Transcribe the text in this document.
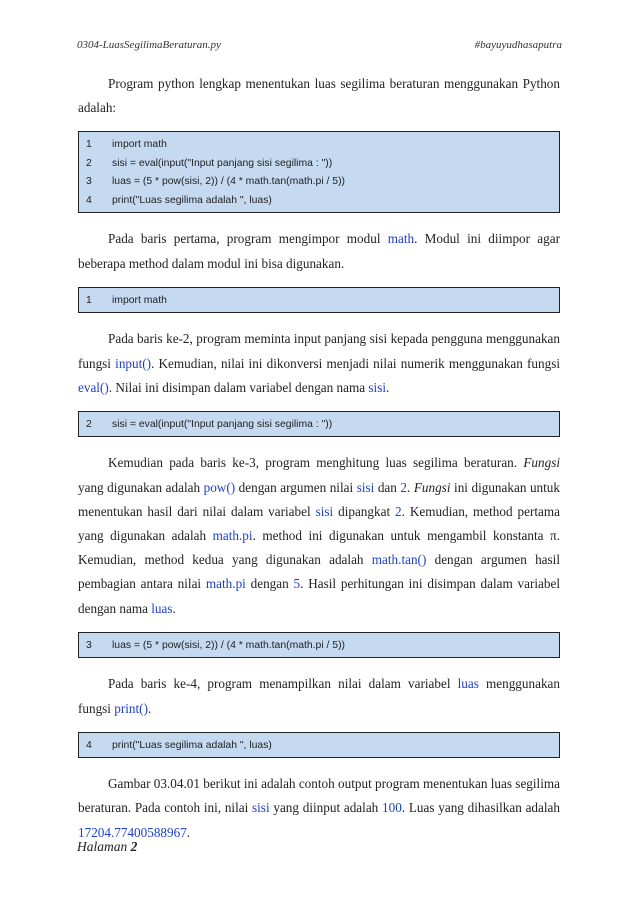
0304-LuasSegilimaBeraturan.py	#bayuyudhasaputra

Program python lengkap menentukan luas segilima beraturan menggunakan Python adalah:

1	import math
2	sisi = eval(input("Input panjang sisi segilima : "))
3	luas = (5 * pow(sisi, 2)) / (4 * math.tan(math.pi / 5))
4	print("Luas segilima adalah ", luas)

Pada baris pertama, program mengimpor modul math. Modul ini diimpor agar beberapa method dalam modul ini bisa digunakan.

1	import math

Pada baris ke-2, program meminta input panjang sisi kepada pengguna menggunakan fungsi input(). Kemudian, nilai ini dikonversi menjadi nilai numerik menggunakan fungsi eval(). Nilai ini disimpan dalam variabel dengan nama sisi.

2	sisi = eval(input("Input panjang sisi segilima : "))

Kemudian pada baris ke-3, program menghitung luas segilima beraturan. Fungsi yang digunakan adalah pow() dengan argumen nilai sisi dan 2. Fungsi ini digunakan untuk menentukan hasil dari nilai dalam variabel sisi dipangkat 2. Kemudian, method pertama yang digunakan adalah math.pi. method ini digunakan untuk mengambil konstanta π. Kemudian, method kedua yang digunakan adalah math.tan() dengan argumen hasil pembagian antara nilai math.pi dengan 5. Hasil perhitungan ini disimpan dalam variabel dengan nama luas.

3	luas = (5 * pow(sisi, 2)) / (4 * math.tan(math.pi / 5))

Pada baris ke-4, program menampilkan nilai dalam variabel luas menggunakan fungsi print().

4	print("Luas segilima adalah ", luas)

Gambar 03.04.01 berikut ini adalah contoh output program menentukan luas segilima beraturan. Pada contoh ini, nilai sisi yang diinput adalah 100. Luas yang dihasilkan adalah 17204.77400588967.

Halaman 2
